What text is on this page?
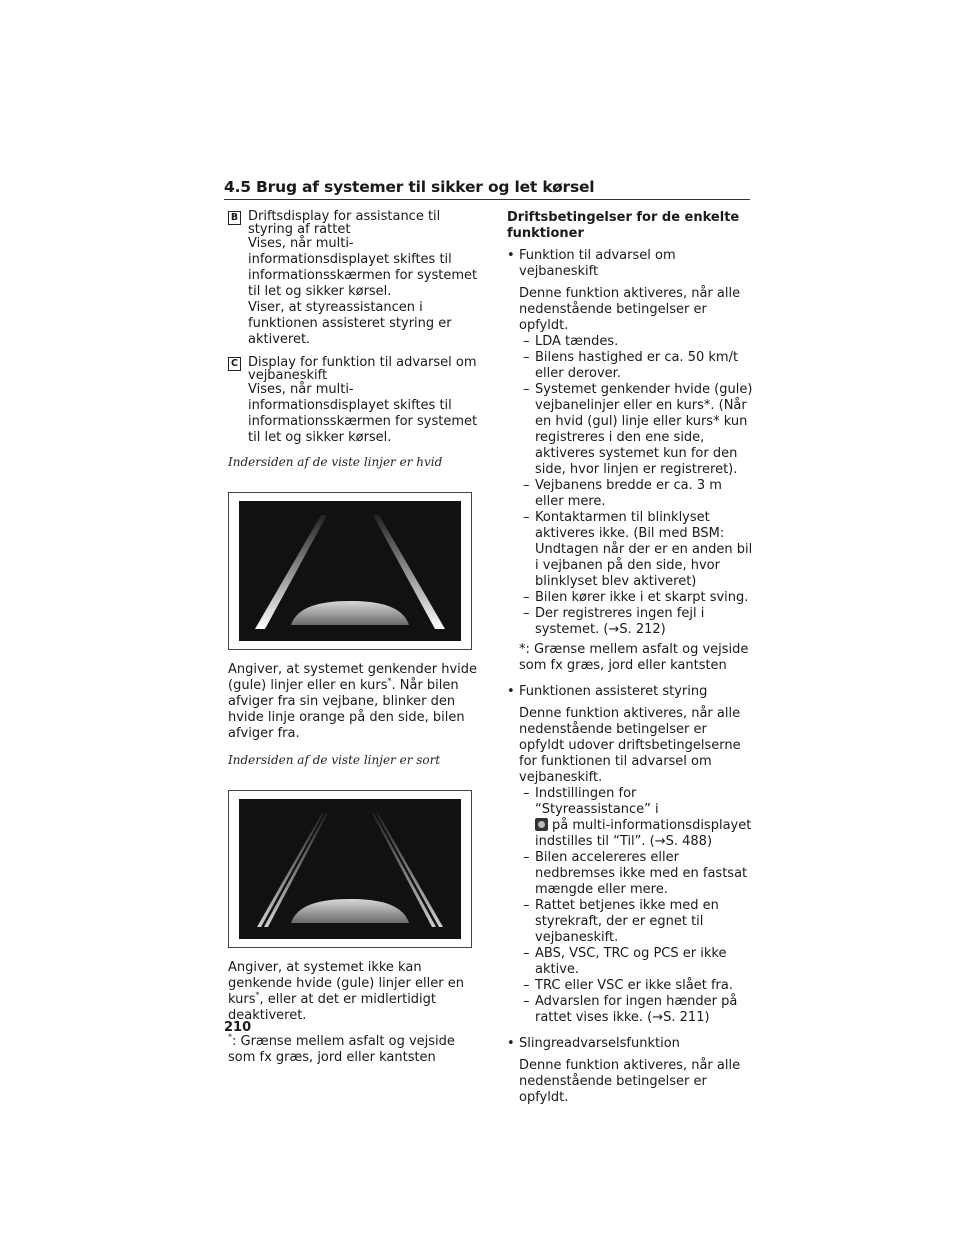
4.5 Brug af systemer til sikker og let kørsel
B Driftsdisplay for assistance til styring af rattet
Vises, når multi-informationsdisplayet skiftes til informationsskærmen for systemet til let og sikker kørsel.
Viser, at styreassistancen i funktionen assisteret styring er aktiveret.
C Display for funktion til advarsel om vejbaneskift
Vises, når multi-informationsdisplayet skiftes til informationsskærmen for systemet til let og sikker kørsel.

Indersiden af de viste linjer er hvid

Angiver, at systemet genkender hvide (gule) linjer eller en kurs*. Når bilen afviger fra sin vejbane, blinker den hvide linje orange på den side, bilen afviger fra.

Indersiden af de viste linjer er sort

Angiver, at systemet ikke kan genkende hvide (gule) linjer eller en kurs*, eller at det er midlertidigt deaktiveret.

*: Grænse mellem asfalt og vejside som fx græs, jord eller kantsten

Driftsbetingelser for de enkelte funktioner
• Funktion til advarsel om vejbaneskift
Denne funktion aktiveres, når alle nedenstående betingelser er opfyldt.
– LDA tændes.
– Bilens hastighed er ca. 50 km/t eller derover.
– Systemet genkender hvide (gule) vejbanelinjer eller en kurs*. (Når en hvid (gul) linje eller kurs* kun registreres i den ene side, aktiveres systemet kun for den side, hvor linjen er registreret).
– Vejbanens bredde er ca. 3 m eller mere.
– Kontaktarmen til blinklyset aktiveres ikke. (Bil med BSM: Undtagen når der er en anden bil i vejbanen på den side, hvor blinklyset blev aktiveret)
– Bilen kører ikke i et skarpt sving.
– Der registreres ingen fejl i systemet. (→S. 212)
*: Grænse mellem asfalt og vejside som fx græs, jord eller kantsten
• Funktionen assisteret styring
Denne funktion aktiveres, når alle nedenstående betingelser er opfyldt udover driftsbetingelserne for funktionen til advarsel om vejbaneskift.
– Indstillingen for “Styreassistance” i
på multi-informationsdisplayet indstilles til “Til”. (→S. 488)
– Bilen accelereres eller nedbremses ikke med en fastsat mængde eller mere.
– Rattet betjenes ikke med en styrekraft, der er egnet til vejbaneskift.
– ABS, VSC, TRC og PCS er ikke aktive.
– TRC eller VSC er ikke slået fra.
– Advarslen for ingen hænder på rattet vises ikke. (→S. 211)
• Slingreadvarselsfunktion
Denne funktion aktiveres, når alle nedenstående betingelser er opfyldt.
210
